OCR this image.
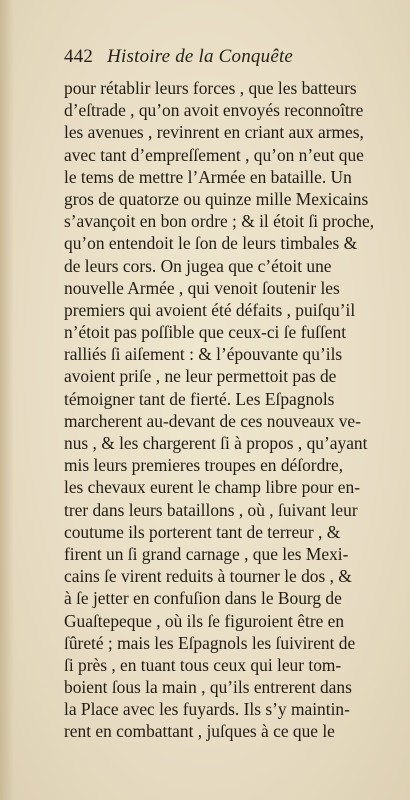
442 Histoire de la Conquête
pour rétablir leurs forces , que les batteurs
d’eſtrade , qu’on avoit envoyés reconnoître
les avenues , revinrent en criant aux armes,
avec tant d’empreſſement , qu’on n’eut que
le tems de mettre l’Armée en bataille. Un
gros de quatorze ou quinze mille Mexicains
s’avançoit en bon ordre ; & il étoit ſi proche,
qu’on entendoit le ſon de leurs timbales &
de leurs cors. On jugea que c’étoit une
nouvelle Armée , qui venoit ſoutenir les
premiers qui avoient été défaits , puiſqu’il
n’étoit pas poſſible que ceux-ci ſe fuſſent
ralliés ſi aiſement : & l’épouvante qu’ils
avoient priſe , ne leur permettoit pas de
témoigner tant de fierté. Les Eſpagnols
marcherent au-devant de ces nouveaux ve-
nus , & les chargerent ſi à propos , qu’ayant
mis leurs premieres troupes en déſordre,
les chevaux eurent le champ libre pour en-
trer dans leurs bataillons , où , ſuivant leur
coutume ils porterent tant de terreur , &
firent un ſi grand carnage , que les Mexi-
cains ſe virent reduits à tourner le dos , &
à ſe jetter en confuſion dans le Bourg de
Guaſtepeque , où ils ſe figuroient être en
ſûreté ; mais les Eſpagnols les ſuivirent de
ſi près , en tuant tous ceux qui leur tom-
boient ſous la main , qu’ils entrerent dans
la Place avec les fuyards. Ils s’y maintin-
rent en combattant , juſques à ce que le
